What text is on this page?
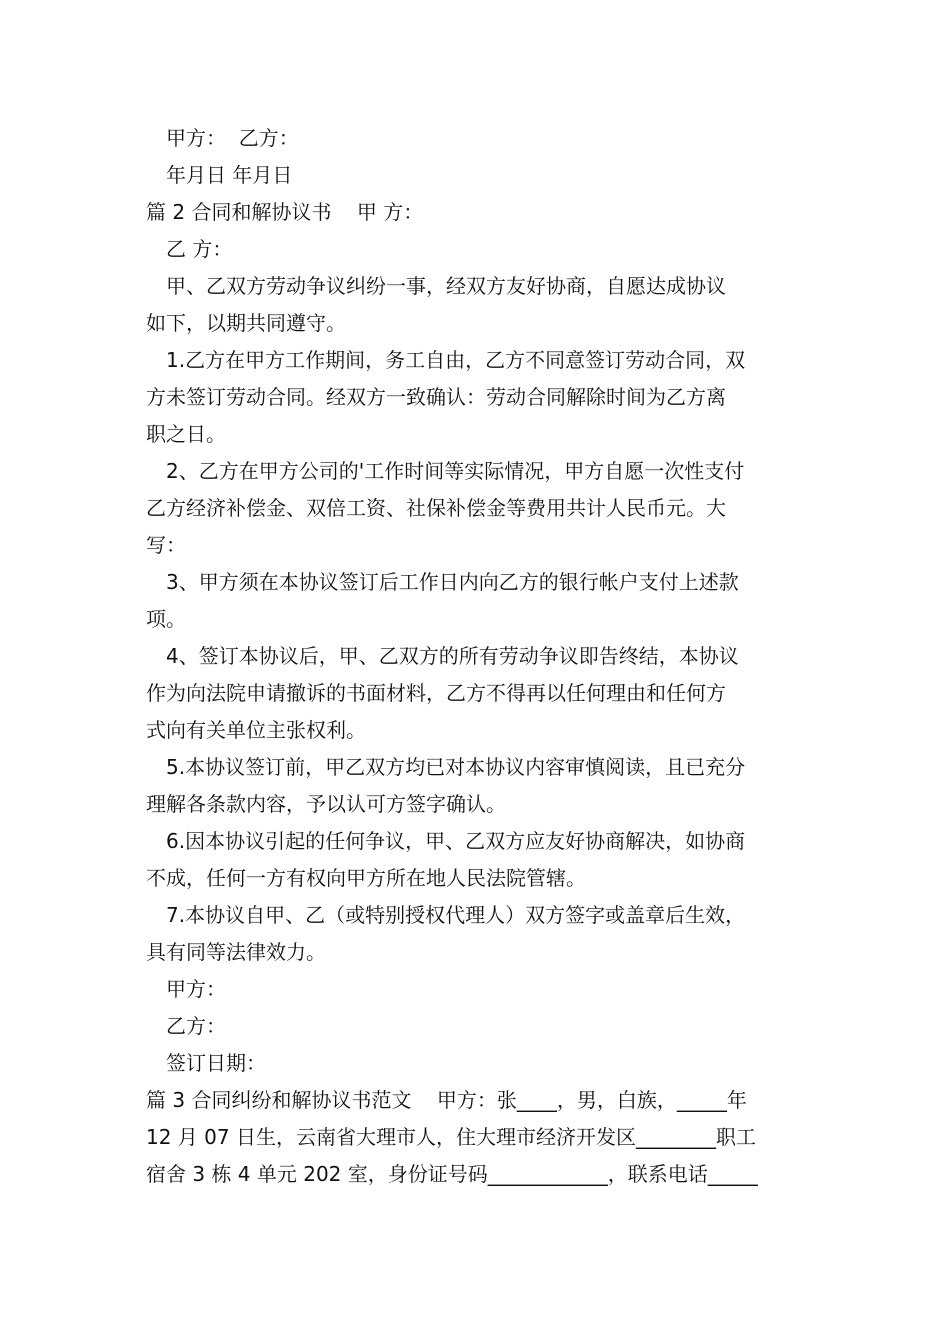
甲方：  乙方：
年月日 年月日
篇 2 合同和解协议书    甲 方：
乙 方：
甲、乙双方劳动争议纠纷一事，经双方友好协商，自愿达成协议
如下，以期共同遵守。
1.乙方在甲方工作期间，务工自由，乙方不同意签订劳动合同，双
方未签订劳动合同。经双方一致确认：劳动合同解除时间为乙方离
职之日。
2、乙方在甲方公司的'工作时间等实际情况，甲方自愿一次性支付
乙方经济补偿金、双倍工资、社保补偿金等费用共计人民币元。大
写：
3、甲方须在本协议签订后工作日内向乙方的银行帐户支付上述款
项。
4、签订本协议后，甲、乙双方的所有劳动争议即告终结，本协议
作为向法院申请撤诉的书面材料，乙方不得再以任何理由和任何方
式向有关单位主张权利。
5.本协议签订前，甲乙双方均已对本协议内容审慎阅读，且已充分
理解各条款内容，予以认可方签字确认。
6.因本协议引起的任何争议，甲、乙双方应友好协商解决，如协商
不成，任何一方有权向甲方所在地人民法院管辖。
7.本协议自甲、乙（或特别授权代理人）双方签字或盖章后生效，
具有同等法律效力。
甲方：
乙方：
签订日期：
篇 3 合同纠纷和解协议书范文    甲方：张____，男，白族，_____年
12 月 07 日生，云南省大理市人，住大理市经济开发区________职工
宿舍 3 栋 4 单元 202 室，身份证号码____________，联系电话_____
